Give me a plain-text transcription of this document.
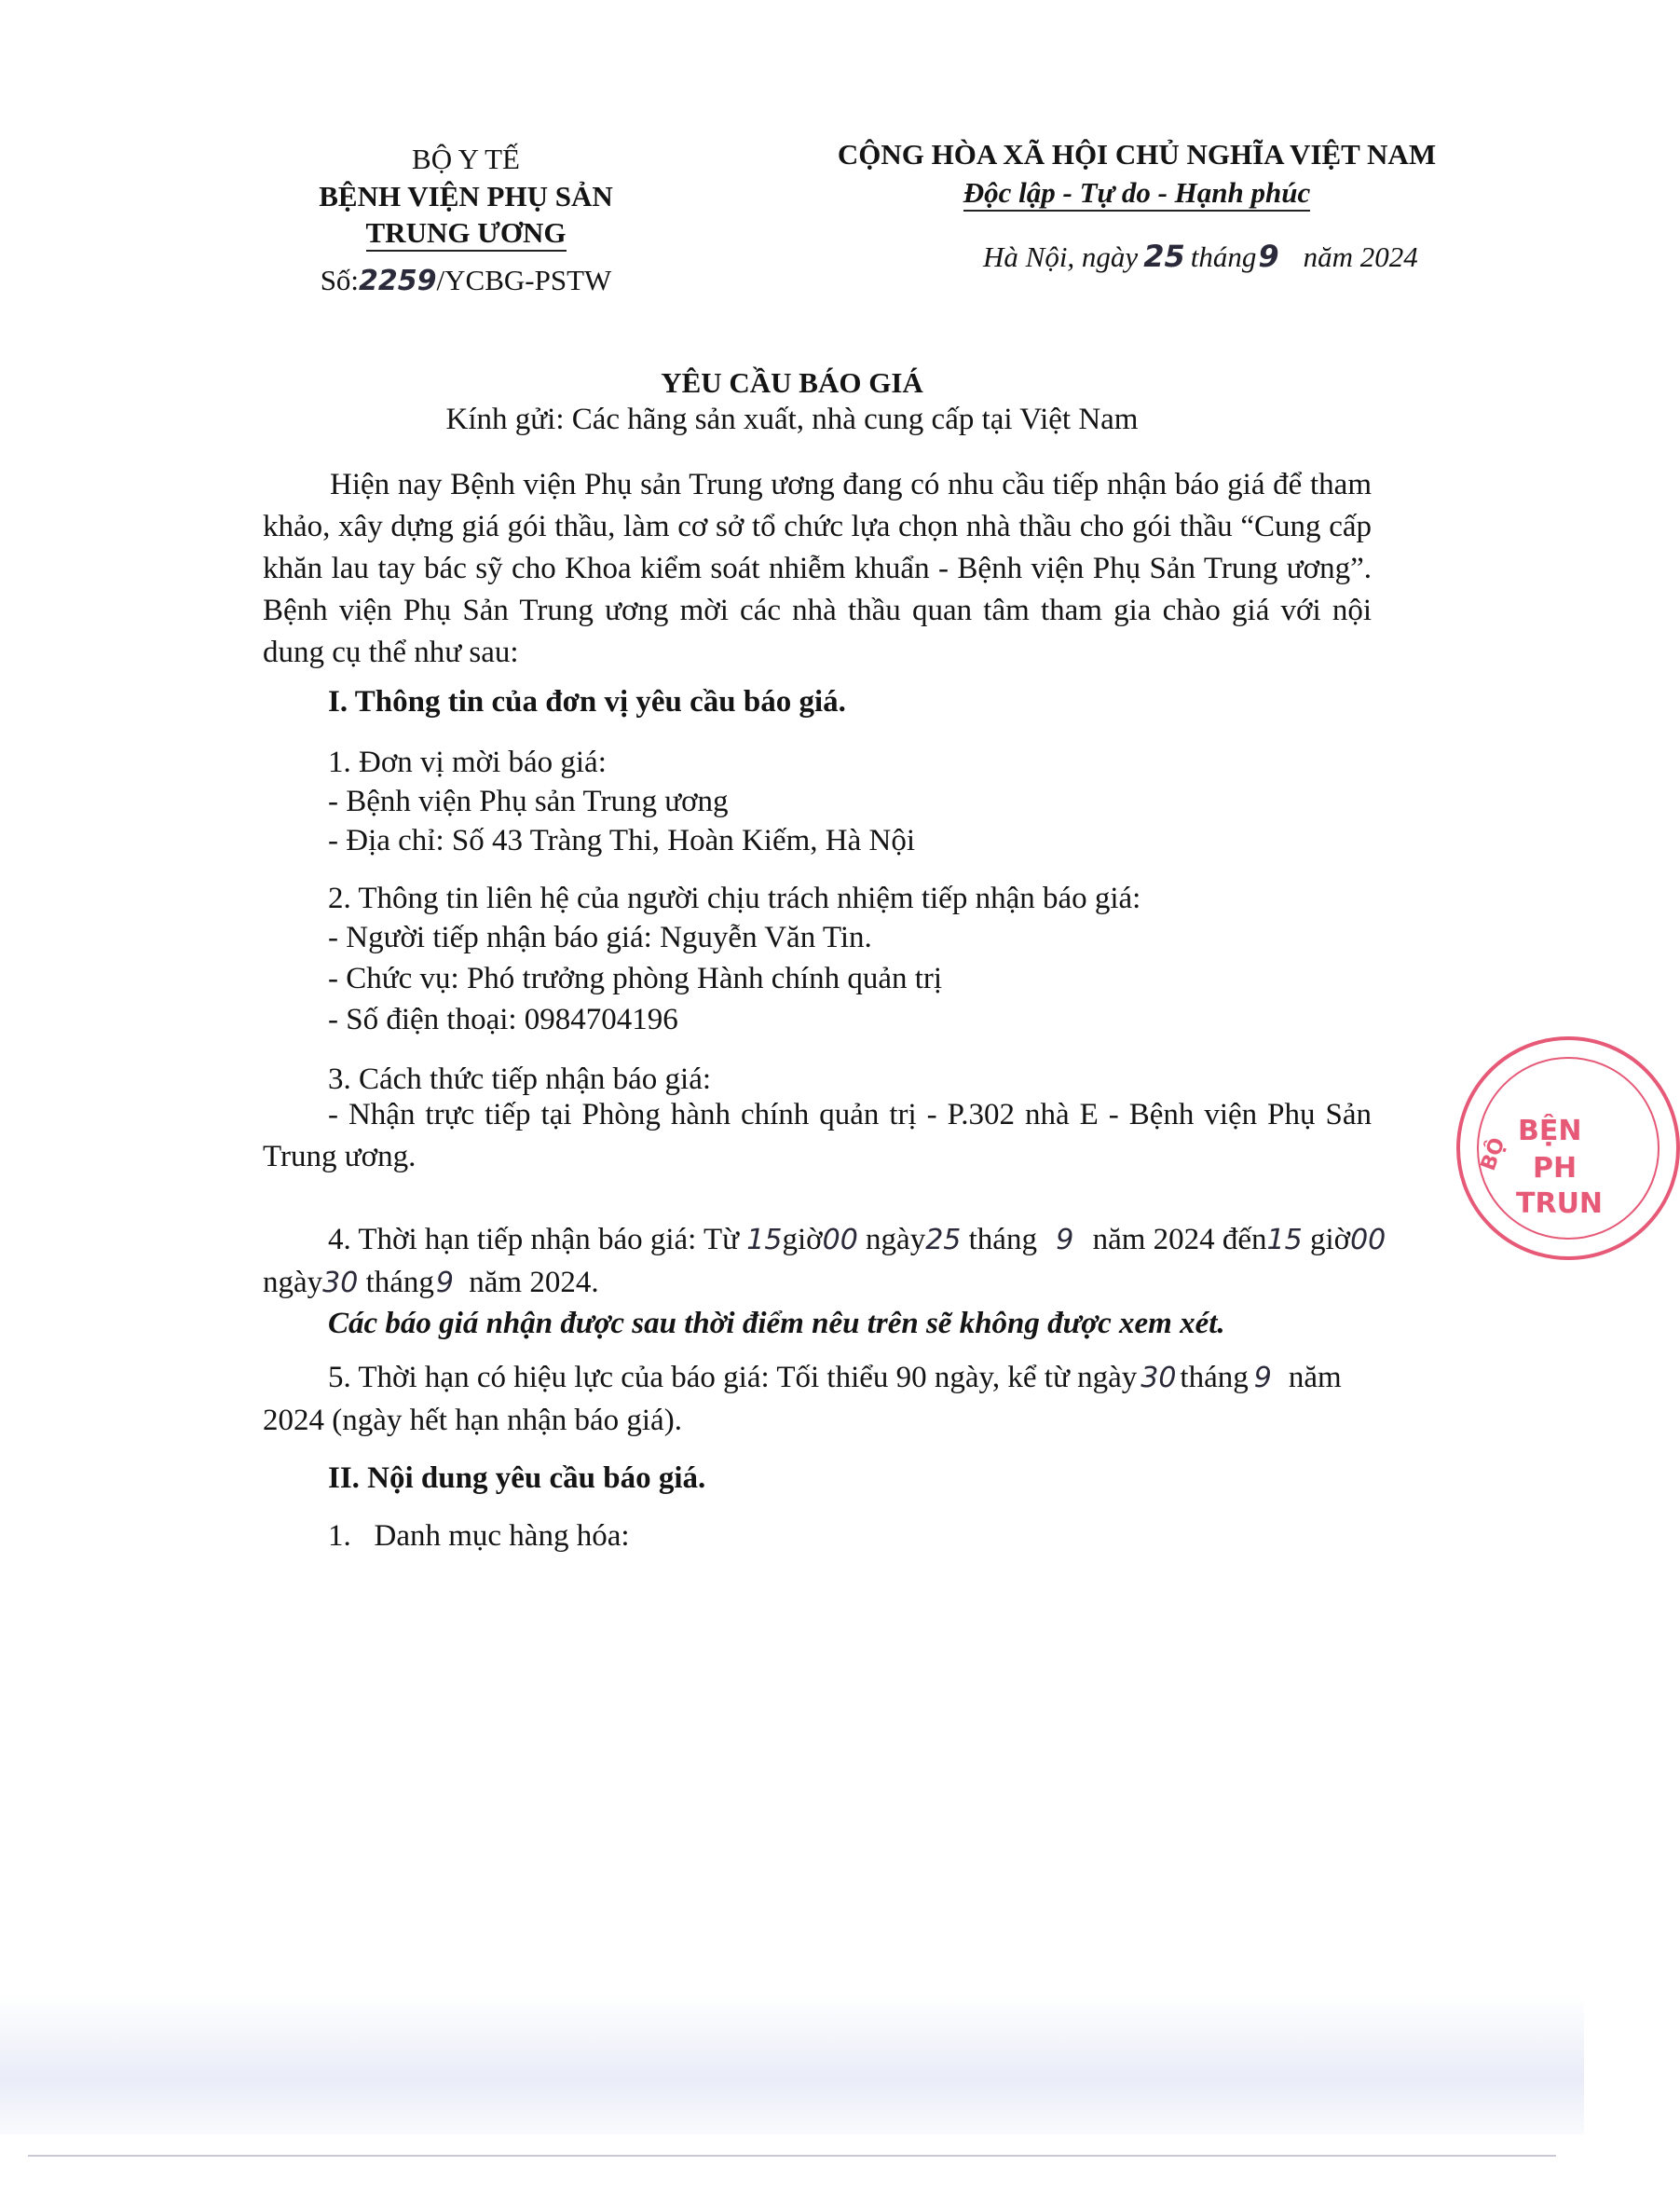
BỘ Y TẾ
BỆNH VIỆN PHỤ SẢN
TRUNG ƯƠNG
Số:2259/YCBG-PSTW
CỘNG HÒA XÃ HỘI CHỦ NGHĨA VIỆT NAM
Độc lập - Tự do - Hạnh phúc
Hà Nội, ngày 25 tháng9 năm 2024
YÊU CẦU BÁO GIÁ
Kính gửi: Các hãng sản xuất, nhà cung cấp tại Việt Nam
Hiện nay Bệnh viện Phụ sản Trung ương đang có nhu cầu tiếp nhận báo giá để tham khảo, xây dựng giá gói thầu, làm cơ sở tổ chức lựa chọn nhà thầu cho gói thầu “Cung cấp khăn lau tay bác sỹ cho Khoa kiểm soát nhiễm khuẩn - Bệnh viện Phụ Sản Trung ương”. Bệnh viện Phụ Sản Trung ương mời các nhà thầu quan tâm tham gia chào giá với nội dung cụ thể như sau:
I. Thông tin của đơn vị yêu cầu báo giá.
1. Đơn vị mời báo giá:
- Bệnh viện Phụ sản Trung ương
- Địa chỉ: Số 43 Tràng Thi, Hoàn Kiếm, Hà Nội
2. Thông tin liên hệ của người chịu trách nhiệm tiếp nhận báo giá:
- Người tiếp nhận báo giá: Nguyễn Văn Tin.
- Chức vụ: Phó trưởng phòng Hành chính quản trị
- Số điện thoại: 0984704196
3. Cách thức tiếp nhận báo giá:
- Nhận trực tiếp tại Phòng hành chính quản trị - P.302 nhà E - Bệnh viện Phụ Sản Trung ương.
4. Thời hạn tiếp nhận báo giá: Từ 15giờ00 ngày25 tháng 9 năm 2024 đến15 giờ00
ngày30 tháng9 năm 2024.
Các báo giá nhận được sau thời điểm nêu trên sẽ không được xem xét.
5. Thời hạn có hiệu lực của báo giá: Tối thiểu 90 ngày, kể từ ngày 30 tháng 9 năm
2024 (ngày hết hạn nhận báo giá).
II. Nội dung yêu cầu báo giá.
1.   Danh mục hàng hóa:
BỆN
PH
TRUN
BỘ
